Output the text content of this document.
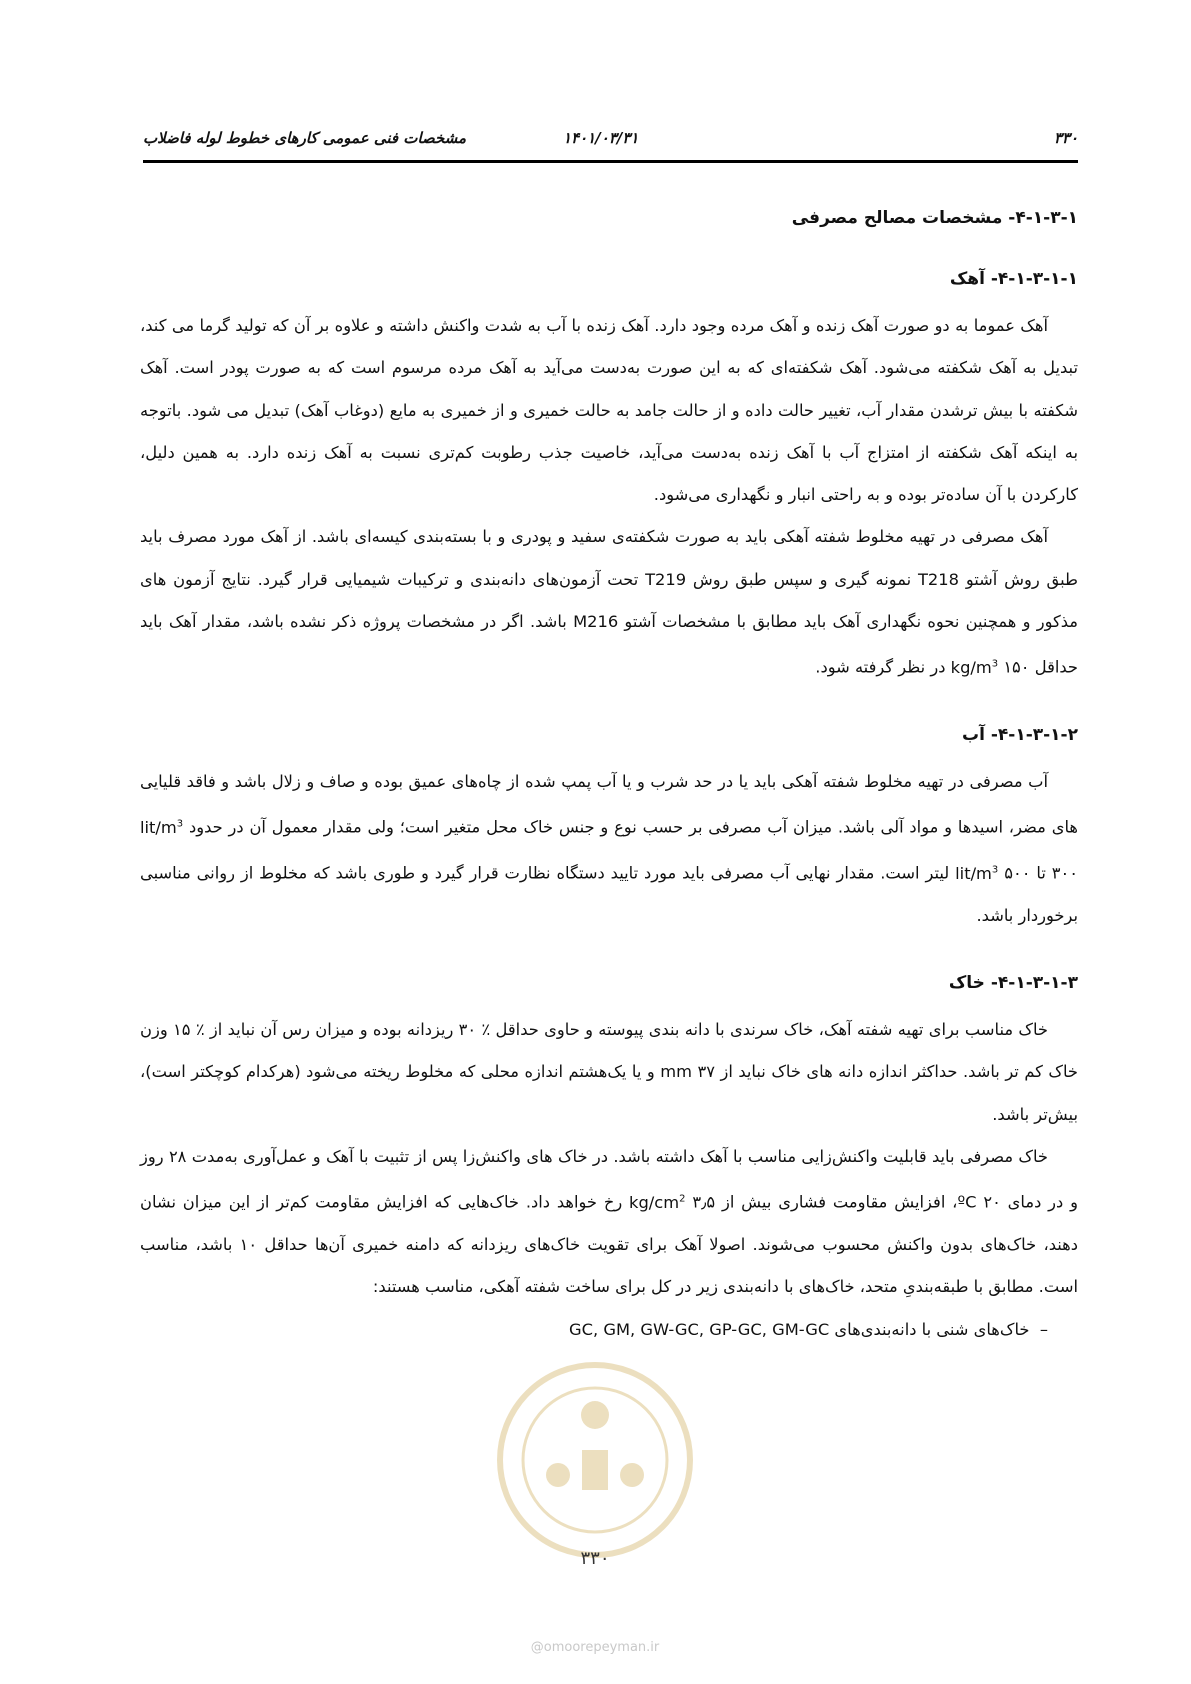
۳۳۰
۱۴۰۱/۰۳/۳۱
مشخصات فنی عمومی کارهای خطوط لوله فاضلاب
۴-۱-۳-۱- مشخصات مصالح مصرفی
۴-۱-۳-۱-۱- آهک

آهک عموما به دو صورت آهک زنده و آهک مرده وجود دارد. آهک زنده با آب به شدت واکنش داشته و علاوه بر آن که تولید گرما می کند، تبدیل به آهک شکفته می‌شود. آهک شکفته‌ای که به این صورت به‌دست می‌آید به آهک مرده مرسوم است که به صورت پودر است. آهک شکفته با بیش ترشدن مقدار آب، تغییر حالت داده و از حالت جامد به حالت خمیری و از خمیری به مایع (دوغاب آهک) تبدیل می شود. باتوجه به اینکه آهک شکفته از امتزاج آب با آهک زنده به‌دست می‌آید، خاصیت جذب رطوبت کم‌تری نسبت به آهک زنده دارد. به همین دلیل، کارکردن با آن ساده‌تر بوده و به راحتی انبار و نگهداری می‌شود.

آهک مصرفی در تهیه مخلوط شفته آهکی باید به صورت شکفته‌ی سفید و پودری و با بسته‌بندی کیسه‌ای باشد. از آهک مورد مصرف باید طبق روش آشتو T218 نمونه گیری و سپس طبق روش T219 تحت آزمون‌های دانه‌بندی و ترکیبات شیمیایی قرار گیرد. نتایج آزمون های مذکور و همچنین نحوه نگهداری آهک باید مطابق با مشخصات آشتو M216 باشد. اگر در مشخصات پروژه ذکر نشده باشد، مقدار آهک باید حداقل $kg/m^3$ ۱۵۰ در نظر گرفته شود.

۴-۱-۳-۱-۲- آب

آب مصرفی در تهیه مخلوط شفته آهکی باید یا در حد شرب و یا آب پمپ شده از چاه‌های عمیق بوده و صاف و زلال باشد و فاقد قلیایی های مضر، اسیدها و مواد آلی باشد. میزان آب مصرفی بر حسب نوع و جنس خاک محل متغیر است؛ ولی مقدار معمول آن در حدود lit/$m^3$ ۳۰۰ تا lit/$m^3$ ۵۰۰ لیتر است. مقدار نهایی آب مصرفی باید مورد تایید دستگاه نظارت قرار گیرد و طوری باشد که مخلوط از روانی مناسبی برخوردار باشد.

۴-۱-۳-۱-۳- خاک

خاک مناسب برای تهیه شفته آهک، خاک سرندی با دانه بندی پیوسته و حاوی حداقل ٪ ۳۰ ریزدانه بوده و میزان رس آن نباید از ٪ ۱۵ وزن خاک کم تر باشد. حداکثر اندازه دانه های خاک نباید از ۳۷ mm و یا یک‌هشتم اندازه محلی که مخلوط ریخته می‌شود (هرکدام کوچکتر است)، بیش‌تر باشد.

خاک مصرفی باید قابلیت واکنش‌زایی مناسب با آهک داشته باشد. در خاک های واکنش‌زا پس از تثبیت با آهک و عمل‌آوری به‌مدت ۲۸ روز و در دمای ۲۰ ºC، افزایش مقاومت فشاری بیش از $kg/cm^2$ ۳٫۵ رخ خواهد داد. خاک‌هایی که افزایش مقاومت کم‌تر از این میزان نشان دهند، خاک‌های بدون واکنش محسوب می‌شوند. اصولا آهک برای تقویت خاک‌های ریزدانه که دامنه خمیری آن‌ها حداقل ۱۰ باشد، مناسب است. مطابق با طبقه‌بندیِ متحد، خاک‌های با دانه‌بندی زیر در کل برای ساخت شفته آهکی، مناسب هستند:

–  خاک‌های شنی با دانه‌بندی‌های GC, GM, GW-GC, GP-GC, GM-GC
۳۳۰
@omoorepeyman.ir
